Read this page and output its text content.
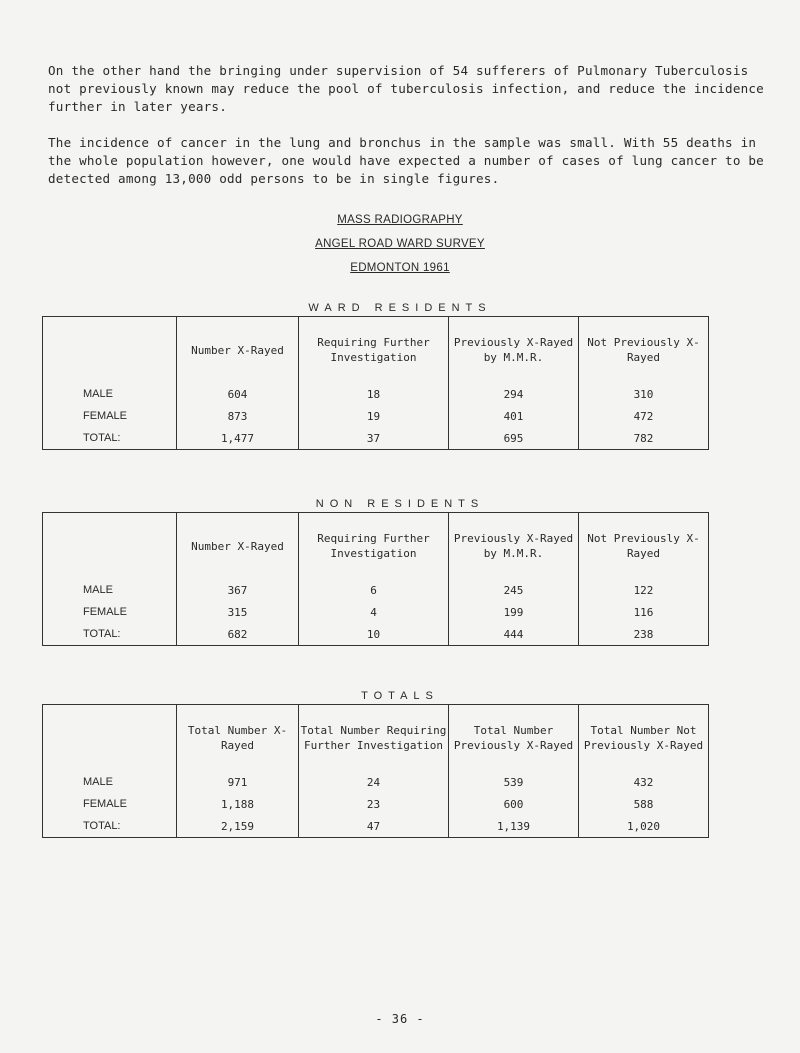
On the other hand the bringing under supervision of 54 sufferers of Pulmonary Tuberculosis not previously known may reduce the pool of tuberculosis infection, and reduce the incidence further in later years.
The incidence of cancer in the lung and bronchus in the sample was small. With 55 deaths in the whole population however, one would have expected a number of cases of lung cancer to be detected among 13,000 odd persons to be in single figures.
MASS RADIOGRAPHY
ANGEL ROAD WARD SURVEY
EDMONTON 1961
WARD RESIDENTS
	Number X-Rayed	Requiring Further Investigation	Previously X-Rayed by M.M.R.	Not Previously X-Rayed
MALE	604	18	294	310
FEMALE	873	19	401	472
TOTAL:	1,477	37	695	782
NON RESIDENTS
	Number X-Rayed	Requiring Further Investigation	Previously X-Rayed by M.M.R.	Not Previously X-Rayed
MALE	367	6	245	122
FEMALE	315	4	199	116
TOTAL:	682	10	444	238
TOTALS
	Total Number X-Rayed	Total Number Requiring Further Investigation	Total Number Previously X-Rayed	Total Number Not Previously X-Rayed
MALE	971	24	539	432
FEMALE	1,188	23	600	588
TOTAL:	2,159	47	1,139	1,020
- 36 -
